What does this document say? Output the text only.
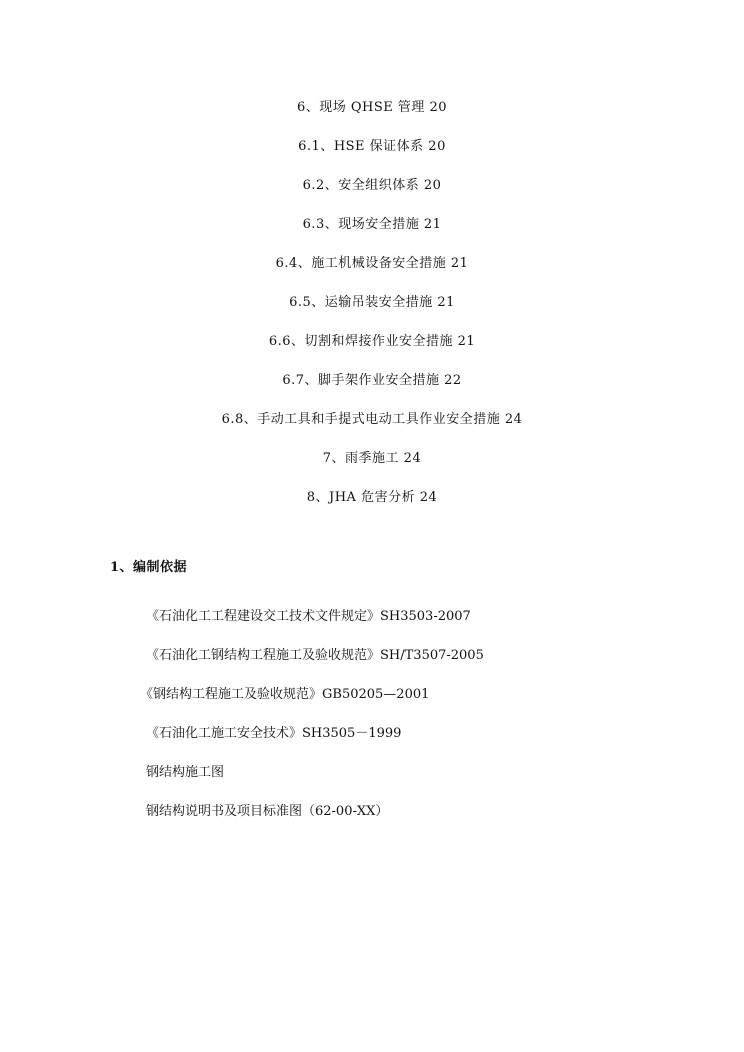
6、现场 QHSE 管理 20
6.1、HSE 保证体系 20
6.2、安全组织体系 20
6.3、现场安全措施 21
6.4、施工机械设备安全措施 21
6.5、运输吊装安全措施 21
6.6、切割和焊接作业安全措施 21
6.7、脚手架作业安全措施 22
6.8、手动工具和手提式电动工具作业安全措施 24
7、雨季施工 24
8、JHA 危害分析 24
1、编制依据
《石油化工工程建设交工技术文件规定》SH3503-2007
《石油化工钢结构工程施工及验收规范》SH/T3507-2005
《钢结构工程施工及验收规范》GB50205—2001
《石油化工施工安全技术》SH3505－1999
钢结构施工图
钢结构说明书及项目标准图（62-00-XX）
